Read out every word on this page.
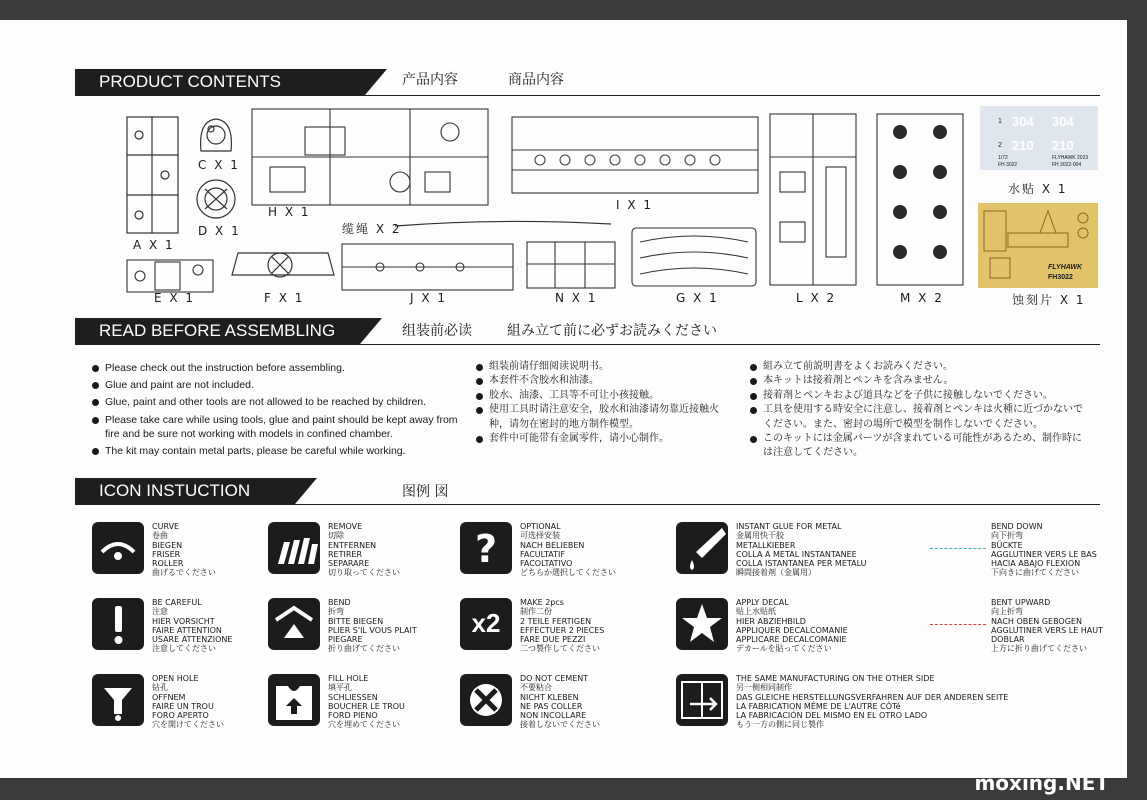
PRODUCT CONTENTS	产品内容	商品内容
A X 1
C X 1
D X 1
H X 1	I X 1
L X 2	M X 2
1 304 304
2 210 210
1/72
FH 3022
FLYHAWK 2023
FH 3022-004
水贴 X 1
FLYHAWK
FH3022
蚀刻片 X 1
缆绳 X 2
E X 1	F X 1	J X 1	N X 1	G X 1
READ BEFORE ASSEMBLING	组装前必读	組み立て前に必ずお読みください
Please check out the instruction before assembling.
Glue and paint are not included.
Glue, paint and other tools are not allowed to be reached by children.
Please take care while using tools, glue and paint should be kept away from fire and be sure not working with models in confined chamber.
The kit may contain metal parts, please be careful while working.
组装前请仔细阅读说明书。
本套件不含胶水和油漆。
胶水、油漆、工具等不可让小孩接触。
使用工具时请注意安全，胶水和油漆请勿靠近接触火种，请勿在密封的地方制作模型。
套件中可能带有金属零件，请小心制作。
組み立て前説明書をよくお読みください。
本キットは接着剤とペンキを含みません。
接着剤とペンキおよび道具などを子供に接触しないでください。
工具を使用する時安全に注意し、接着剤とペンキは火種に近づかないでください。また、密封の場所で模型を制作しないでください。
このキットには金属パーツが含まれている可能性があるため、制作時には注意してください。
ICON INSTUCTION	图例 図
CURVE
卷曲
BIEGEN
FRISER
ROLLER
曲げるでください
REMOVE
切除
ENTFERNEN
RETIRER
SEPARARE
切り取ってください
?
OPTIONAL
可选择安装
NACH BELIEBEN
FACULTATIF
FACOLTATIVO
どちらか選択してください
INSTANT GLUE FOR METAL
金属用快干胶
METALLKIEBER
COLLA A METAL INSTANTANEE
COLLA ISTANTANEA PER METALU
瞬間接着剤（金属用）
BEND DOWN
向下折弯
BÜCKTE
AGGLUTINER VERS LE BAS
HACIA ABAJO FLEXION
下向きに曲げてください
BE CAREFUL
注意
HIER VORSICHT
FAIRE ATTENTION
USARE ATTENZIONE
注意してください
BEND
折弯
BITTE BIEGEN
PLIER S'IL VOUS PLAIT
PIEGARE
折り曲げてください
x2
MAKE 2pcs
制作二份
2 TEILE FERTIGEN
EFFECTUER 2 PIECES
FARE DUE PEZZI
二つ製作してください
APPLY DECAL
贴上水贴纸
HIER ABZIEHBILD
APPLIQUER DECALCOMANIE
APPLICARE DECALCOMANIE
デカールを貼ってください
BENT UPWARD
向上折弯
NACH OBEN GEBOGEN
AGGLUTINER VERS LE HAUT
DOBLAR
上方に折り曲げてください
OPEN HOLE
钻孔
OFFNEM
FAIRE UN TROU
FORO APERTO
穴を開けてください
FILL HOLE
填平孔
SCHLIESSEN
BOUCHER LE TROU
FORD PIENO
穴を埋めてください
DO NOT CEMENT
不要粘合
NICHT KLEBEN
NE PAS COLLER
NON INCOLLARE
接着しないでください
THE SAME MANUFACTURING ON THE OTHER SIDE
另一侧相同制作
DAS GLEICHE HERSTELLUNGSVERFAHREN AUF DER ANDEREN SEITE
LA FABRICATION MÊME DE L'AUTRE CÔTé
LA FABRICACIÓN DEL MISMO EN EL OTRO LADO
もう一方の側に同じ製作
moxing.NET
